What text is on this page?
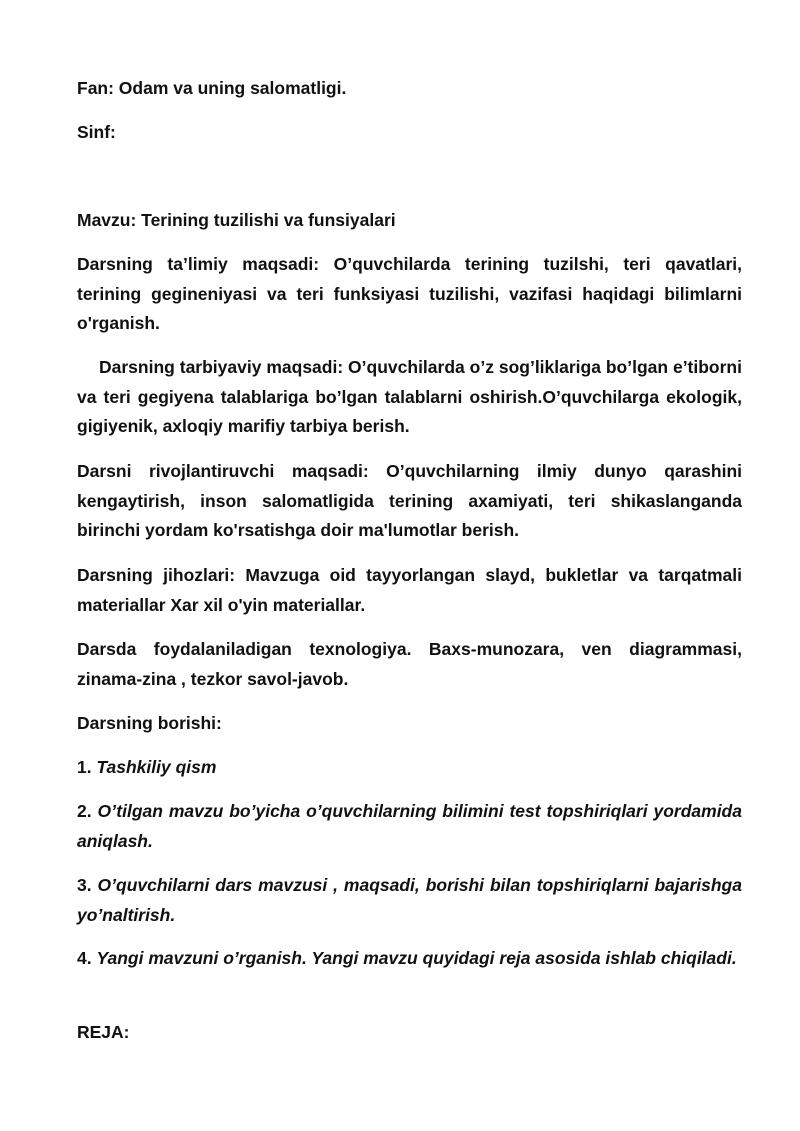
Fan: Odam va uning salomatligi.

Sinf:

Mavzu: Terining tuzilishi va funsiyalari

Darsning ta’limiy maqsadi: O’quvchilarda terining tuzilshi, teri qavatlari, terining gegineniyasi va teri funksiyasi tuzilishi, vazifasi haqidagi bilimlarni o'rganish.

Darsning tarbiyaviy maqsadi: O’quvchilarda o’z sog’liklariga bo’lgan e’tiborni va teri gegiyena talablariga bo’lgan talablarni oshirish.O’quvchilarga ekologik, gigiyenik, axloqiy marifiy tarbiya berish.

Darsni rivojlantiruvchi maqsadi: O’quvchilarning ilmiy dunyo qarashini kengaytirish, inson salomatligida terining axamiyati, teri shikaslanganda birinchi yordam ko'rsatishga doir ma'lumotlar berish.

Darsning jihozlari: Mavzuga oid tayyorlangan slayd, bukletlar va tarqatmali materiallar Xar xil o'yin materiallar.

Darsda foydalaniladigan texnologiya. Baxs-munozara, ven diagrammasi, zinama-zina , tezkor savol-javob.

Darsning borishi:

1. Tashkiliy qism

2. O’tilgan mavzu bo’yicha o’quvchilarning bilimini test topshiriqlari yordamida aniqlash.

3. O’quvchilarni dars mavzusi , maqsadi, borishi bilan topshiriqlarni bajarishga yo’naltirish.

4. Yangi mavzuni o’rganish. Yangi mavzu quyidagi reja asosida ishlab chiqiladi.

REJA:
